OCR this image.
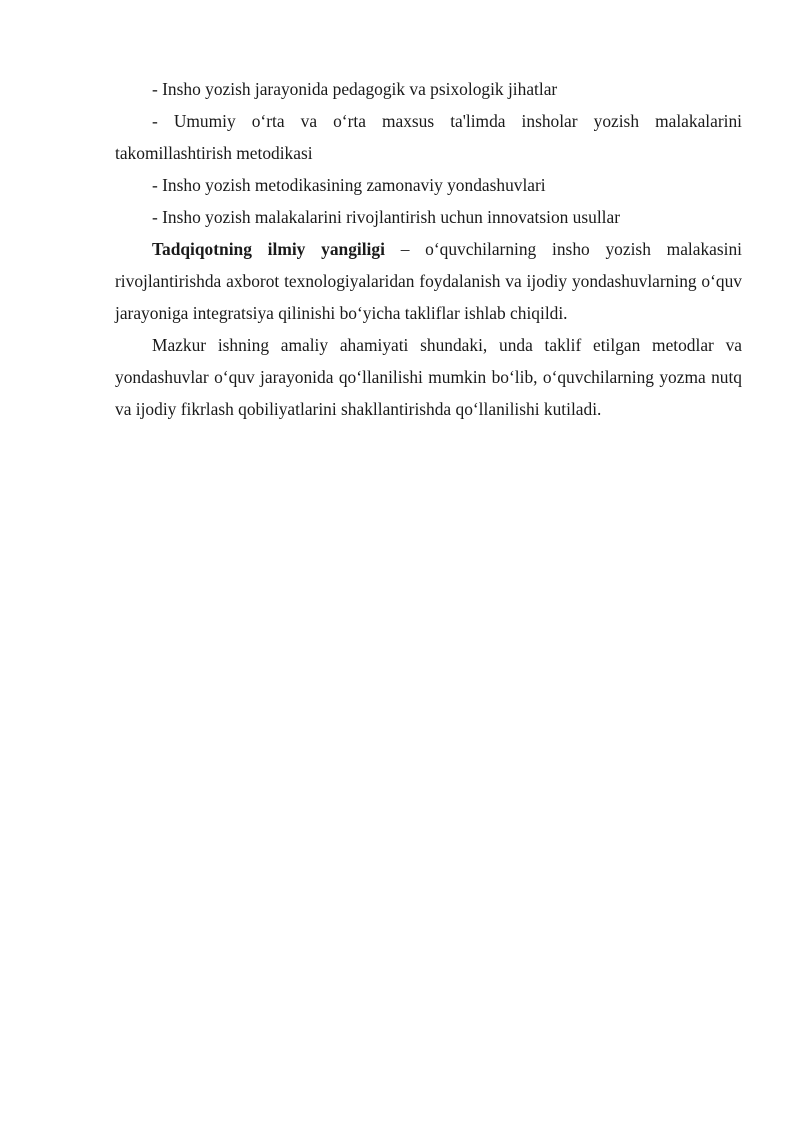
- Insho yozish jarayonida pedagogik va psixologik jihatlar

- Umumiy o‘rta va o‘rta maxsus ta'limda insholar yozish malakalarini takomillashtirish metodikasi

- Insho yozish metodikasining zamonaviy yondashuvlari

- Insho yozish malakalarini rivojlantirish uchun innovatsion usullar

Tadqiqotning ilmiy yangiligi – o‘quvchilarning insho yozish malakasini rivojlantirishda axborot texnologiyalaridan foydalanish va ijodiy yondashuvlarning o‘quv jarayoniga integratsiya qilinishi bo‘yicha takliflar ishlab chiqildi.

Mazkur ishning amaliy ahamiyati shundaki, unda taklif etilgan metodlar va yondashuvlar o‘quv jarayonida qo‘llanilishi mumkin bo‘lib, o‘quvchilarning yozma nutq va ijodiy fikrlash qobiliyatlarini shakllantirishda qo‘llanilishi kutiladi.
